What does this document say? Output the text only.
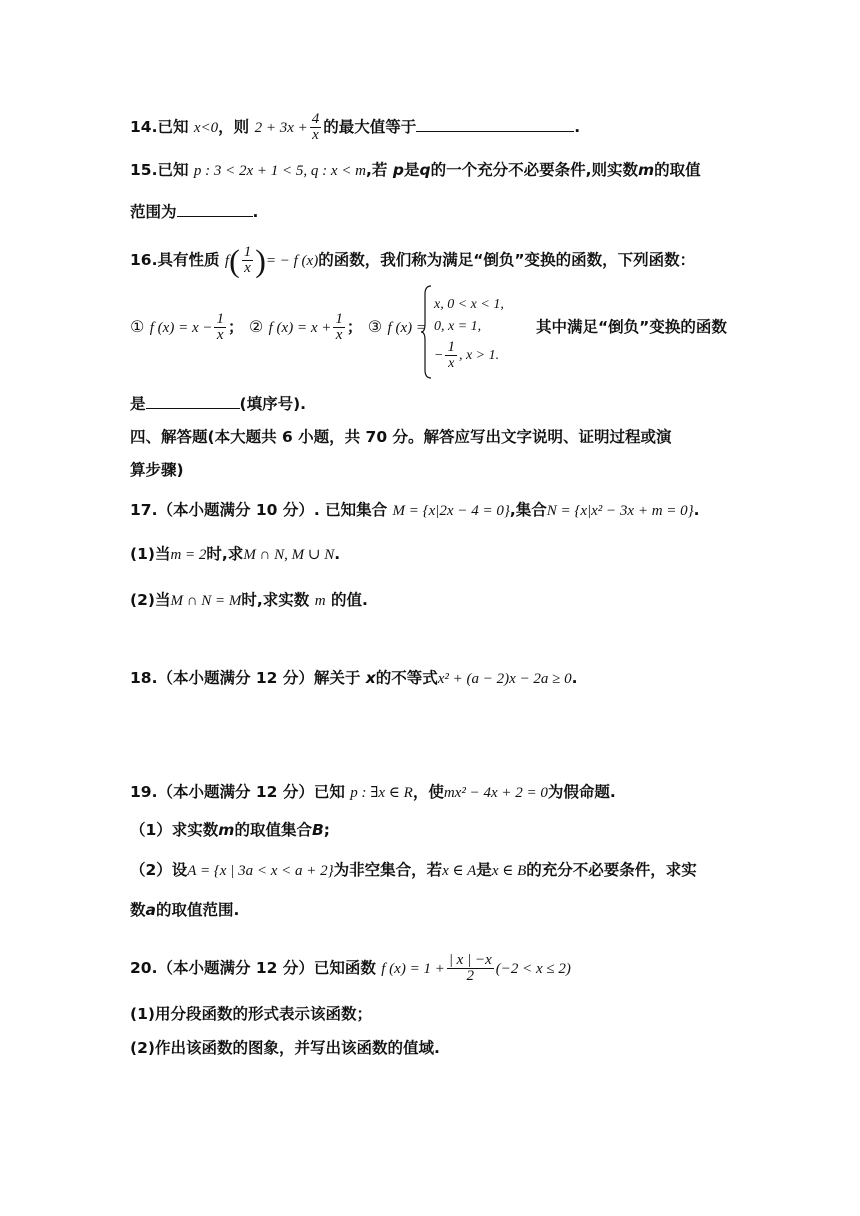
14.已知 x<0，则 $2 + 3x + \frac{4}{x}$ 的最大值等于	.
15.已知 p : 3 < 2x + 1 < 5, q : x < m,若 p是q的一个充分不必要条件,则实数m的取值
范围为	.
16.具有性质 $f( \frac{1}{x}$ )= − f (x)的函数，我们称为满足“倒负”变换的函数，下列函数：
① f $(x) = x - \frac{1}{x}$ ； ② f $(x) = x + \frac{1}{x}$ ； ③ f (x) =
x, 0 < x < 1,
0, x = 1,
− $\frac{1}{x}$ , x > 1.
其中满足“倒负”变换的函数
是	(填序号).
四、解答题(本大题共 6 小题，共 70 分。解答应写出文字说明、证明过程或演
算步骤)
17.（本小题满分 10 分）. 已知集合 M = {x|2x − 4 = 0},集合N = {x|x² − 3x + m = 0}.
(1)当m = 2时,求M ∩ N, M ∪ N.
(2)当M ∩ N = M时,求实数 m 的值.
18.（本小题满分 12 分）解关于 x的不等式x² + (a − 2)x − 2a ≥ 0.
19.（本小题满分 12 分）已知 p : ∃x ∈ R，使mx² − 4x + 2 = 0为假命题.
（1）求实数m的取值集合B;
（2）设A = {x | 3a < x < a + 2}为非空集合，若x ∈ A是x ∈ B的充分不必要条件，求实
数a的取值范围.
20.（本小题满分 12 分）已知函数 f $(x) = 1 + \frac{| x | -x}{2} (-2 < x \le 2)$
(1)用分段函数的形式表示该函数；
(2)作出该函数的图象，并写出该函数的值域.
